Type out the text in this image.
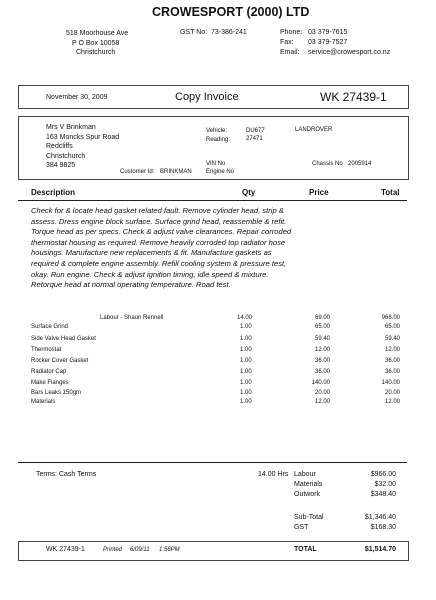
CROWESPORT (2000) LTD
518 Moorhouse Ave
P O Box 10058
Christchurch
GST No: 73-386-241	Phone: 03 379-7615
Fax: 03 379-7527
Email: service@crowesport.co.nz
November 30, 2009	Copy Invoice	WK 27439-1
Mrs V Brinkman
163 Moncks Spur Road
Redcliffs
Christchurch
384 9825
Customer Id: BRINKMAN
Vehicle:	DU677	LANDROVER
Reading:	27471
VIN No
Engine No
Chassis No 2005914
Description	Qty	Price	Total
Check for & locate head gasket related fault. Remove cylinder head, strip & assess. Dress engine block surface. Surface grind head, reassemble & refit. Torque head as per specs. Check & adjust valve clearances. Repair corroded thermostat housing as required. Remove heavily corroded top radiator hose housings. Manufacture new replacements & fit. Manufacture gaskets as required & complete engine assembly. Refill cooling system & pressure test, okay. Run engine. Check & adjust ignition timing, idle speed & mixture. Retorque head at normal operating temperature. Road test.
Labour - Shaun Rennell	14.00	69.00	966.00
Surface Grind	1.00	65.00	65.00
Side Valve Head Gasket	1.00	59.40	59.40
Thermostat	1.00	12.00	12.00
Rocker Cover Gasket	1.00	36.00	36.00
Radiator Cap	1.00	36.00	36.00
Make Flanges	1.00	140.00	140.00
Bars Leaks 150gm	1.00	20.00	20.00
Materials	1.00	12.00	12.00
Terms: Cash Terms	14.00 Hrs Labour	$966.00
Materials	$32.00
Outwork	$348.40
Sub-Total	$1,346.40
GST	$168.30
WK 27439-1	Printed 6/09/11 1:56PM	TOTAL	$1,514.70
